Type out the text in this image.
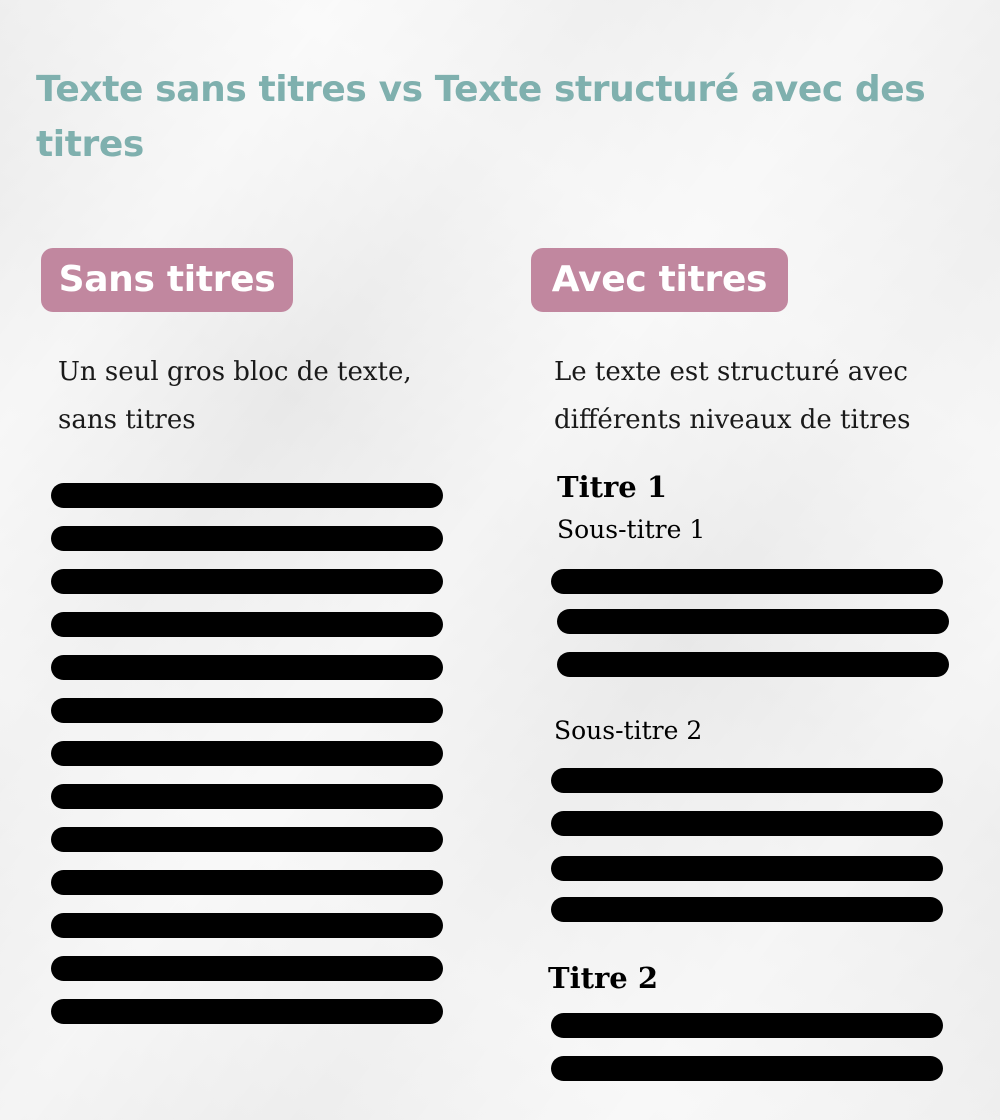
Texte sans titres vs Texte structuré avec des titres
Sans titres	Avec titres

Un seul gros bloc de texte, sans titres

Le texte est structuré avec différents niveaux de titres

Titre 1
Sous-titre 1
Sous-titre 2
Titre 2
